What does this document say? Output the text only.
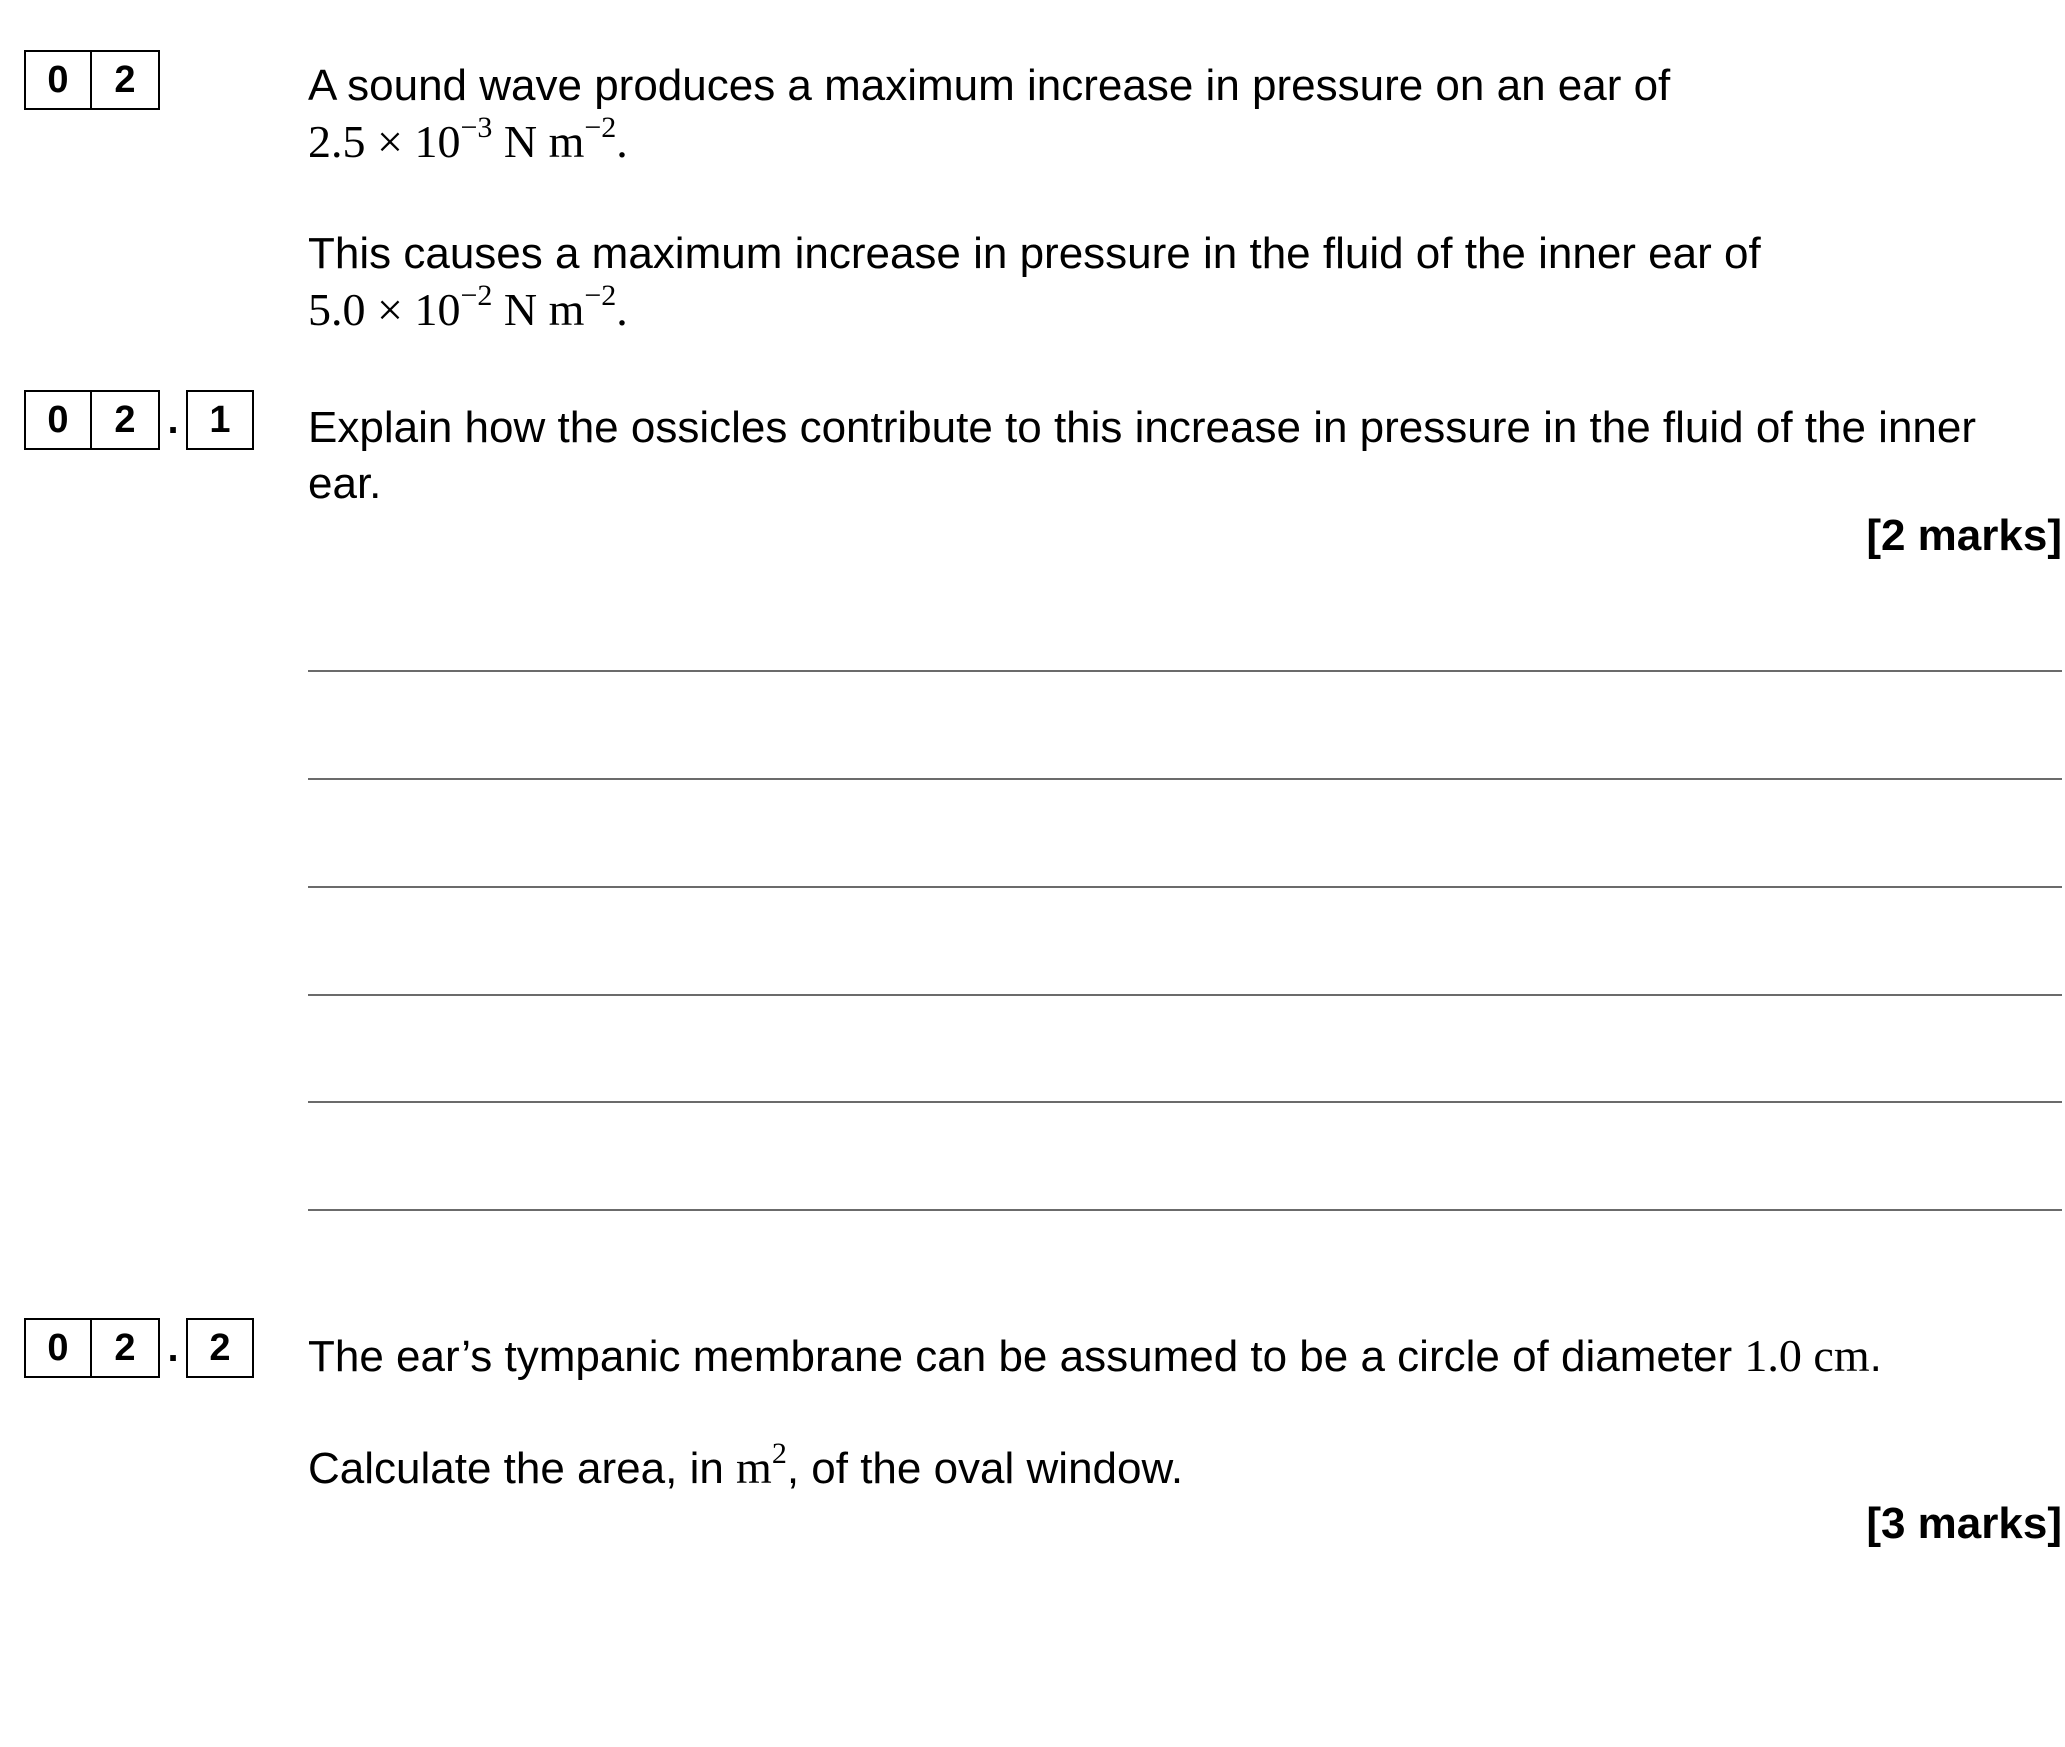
0	2	A sound wave produces a maximum increase in pressure on an ear of
$2.5 \times 10^{-3}$ N $m^{-2}$.
This causes a maximum increase in pressure in the fluid of the inner ear of
$5.0 \times 10^{-2}$ N $m^{-2}$.
0	2 . 1	Explain how the ossicles contribute to this increase in pressure in the fluid of the inner ear.
[2 marks]
0	2 . 2	The ear’s tympanic membrane can be assumed to be a circle of diameter 1.0 cm.
Calculate the area, in $m^2$, of the oval window.
[3 marks]
